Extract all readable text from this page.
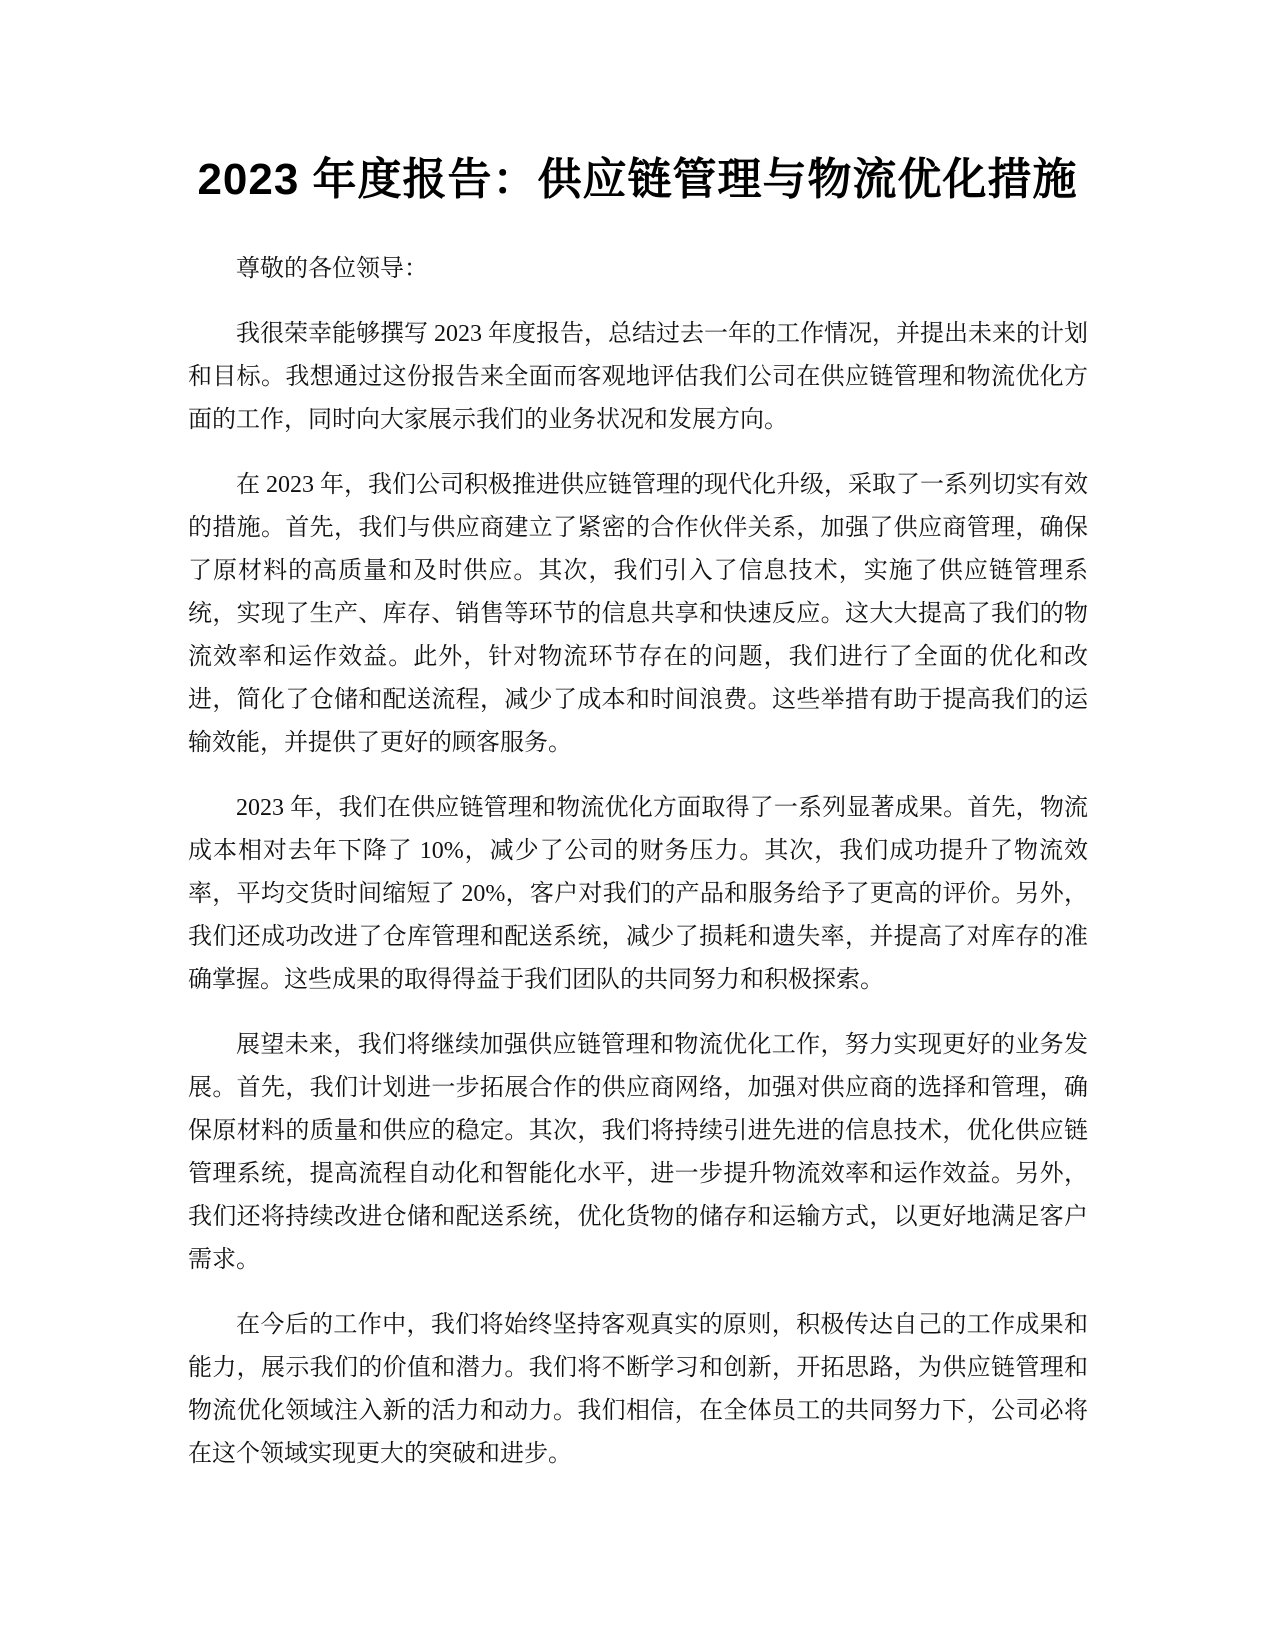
2023 年度报告：供应链管理与物流优化措施

尊敬的各位领导：

我很荣幸能够撰写 2023 年度报告，总结过去一年的工作情况，并提出未来的计划和目标。我想通过这份报告来全面而客观地评估我们公司在供应链管理和物流优化方面的工作，同时向大家展示我们的业务状况和发展方向。

在 2023 年，我们公司积极推进供应链管理的现代化升级，采取了一系列切实有效的措施。首先，我们与供应商建立了紧密的合作伙伴关系，加强了供应商管理，确保了原材料的高质量和及时供应。其次，我们引入了信息技术，实施了供应链管理系统，实现了生产、库存、销售等环节的信息共享和快速反应。这大大提高了我们的物流效率和运作效益。此外，针对物流环节存在的问题，我们进行了全面的优化和改进，简化了仓储和配送流程，减少了成本和时间浪费。这些举措有助于提高我们的运输效能，并提供了更好的顾客服务。

2023 年，我们在供应链管理和物流优化方面取得了一系列显著成果。首先，物流成本相对去年下降了 10%，减少了公司的财务压力。其次，我们成功提升了物流效率，平均交货时间缩短了 20%，客户对我们的产品和服务给予了更高的评价。另外，我们还成功改进了仓库管理和配送系统，减少了损耗和遗失率，并提高了对库存的准确掌握。这些成果的取得得益于我们团队的共同努力和积极探索。

展望未来，我们将继续加强供应链管理和物流优化工作，努力实现更好的业务发展。首先，我们计划进一步拓展合作的供应商网络，加强对供应商的选择和管理，确保原材料的质量和供应的稳定。其次，我们将持续引进先进的信息技术，优化供应链管理系统，提高流程自动化和智能化水平，进一步提升物流效率和运作效益。另外，我们还将持续改进仓储和配送系统，优化货物的储存和运输方式，以更好地满足客户需求。

在今后的工作中，我们将始终坚持客观真实的原则，积极传达自己的工作成果和能力，展示我们的价值和潜力。我们将不断学习和创新，开拓思路，为供应链管理和物流优化领域注入新的活力和动力。我们相信，在全体员工的共同努力下，公司必将在这个领域实现更大的突破和进步。
